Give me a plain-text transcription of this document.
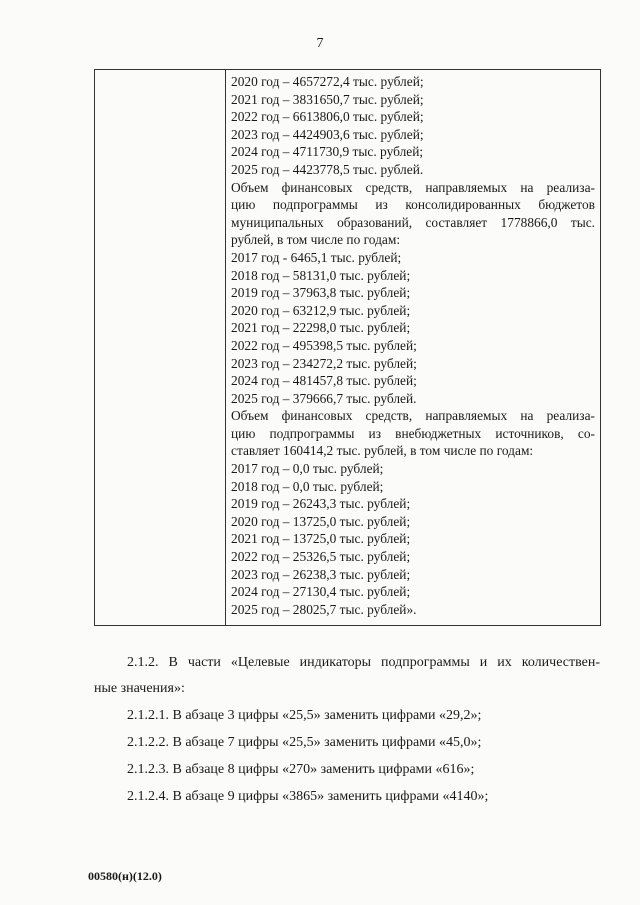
7
2020 год – 4657272,4 тыс. рублей;
2021 год – 3831650,7 тыс. рублей;
2022 год – 6613806,0 тыс. рублей;
2023 год – 4424903,6 тыс. рублей;
2024 год – 4711730,9 тыс. рублей;
2025 год – 4423778,5 тыс. рублей.
Объем финансовых средств, направляемых на реализа-
цию подпрограммы из консолидированных бюджетов
муниципальных образований, составляет 1778866,0 тыс.
рублей, в том числе по годам:
2017 год - 6465,1 тыс. рублей;
2018 год – 58131,0 тыс. рублей;
2019 год – 37963,8 тыс. рублей;
2020 год – 63212,9 тыс. рублей;
2021 год – 22298,0 тыс. рублей;
2022 год – 495398,5 тыс. рублей;
2023 год – 234272,2 тыс. рублей;
2024 год – 481457,8 тыс. рублей;
2025 год – 379666,7 тыс. рублей.
Объем финансовых средств, направляемых на реализа-
цию подпрограммы из внебюджетных источников, со-
ставляет 160414,2 тыс. рублей, в том числе по годам:
2017 год – 0,0 тыс. рублей;
2018 год – 0,0 тыс. рублей;
2019 год – 26243,3 тыс. рублей;
2020 год – 13725,0 тыс. рублей;
2021 год – 13725,0 тыс. рублей;
2022 год – 25326,5 тыс. рублей;
2023 год – 26238,3 тыс. рублей;
2024 год – 27130,4 тыс. рублей;
2025 год – 28025,7 тыс. рублей».
2.1.2. В части «Целевые индикаторы подпрограммы и их количествен-
ные значения»:
2.1.2.1. В абзаце 3 цифры «25,5» заменить цифрами «29,2»;
2.1.2.2. В абзаце 7 цифры «25,5» заменить цифрами «45,0»;
2.1.2.3. В абзаце 8 цифры «270» заменить цифрами «616»;
2.1.2.4. В абзаце 9 цифры «3865» заменить цифрами «4140»;
00580(н)(12.0)
